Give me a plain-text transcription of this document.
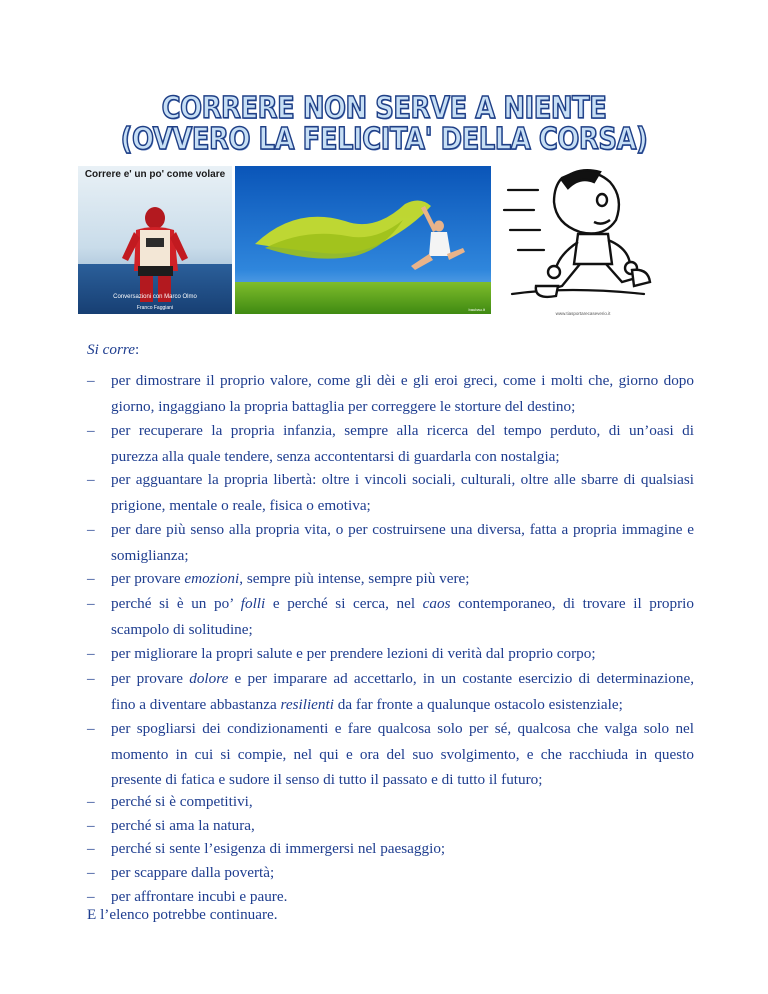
CORRERE NON SERVE A NIENTE
(OVVERO LA FELICITA' DELLA CORSA)
Correre e' un po' come volare
Conversazioni con Marco Olmo
Franco Faggiani	baubau.it
www.tiasportarecaseverio.it
Si corre:
– per dimostrare il proprio valore, come gli dèi e gli eroi greci, come i molti che, giorno dopo
giorno, ingaggiano la propria battaglia per correggere le storture del destino;
– per recuperare la propria infanzia, sempre alla ricerca del tempo perduto, di un’oasi di
purezza alla quale tendere, senza accontentarsi di guardarla con nostalgia;
– per agguantare la propria libertà: oltre i vincoli sociali, culturali, oltre alle sbarre di qualsiasi
prigione, mentale o reale, fisica o emotiva;
– per dare più senso alla propria vita, o per costruirsene una diversa, fatta a propria immagine e
somiglianza;
– per provare emozioni, sempre più intense, sempre più vere;
– perché si è un po’ folli e perché si cerca, nel caos contemporaneo, di trovare il proprio
scampolo di solitudine;
– per migliorare la propri salute e per prendere lezioni di verità dal proprio corpo;
– per provare dolore e per imparare ad accettarlo, in un costante esercizio di determinazione,
fino a diventare abbastanza resilienti da far fronte a qualunque ostacolo esistenziale;
– per spogliarsi dei condizionamenti e fare qualcosa solo per sé, qualcosa che valga solo nel
momento in cui si compie, nel qui e ora del suo svolgimento, e che racchiuda in questo
presente di fatica e sudore il senso di tutto il passato e di tutto il futuro;
– perché si è competitivi,
– perché si ama la natura,
– perché si sente l’esigenza di immergersi nel paesaggio;
– per scappare dalla povertà;
– per affrontare incubi e paure.
E l’elenco potrebbe continuare.
